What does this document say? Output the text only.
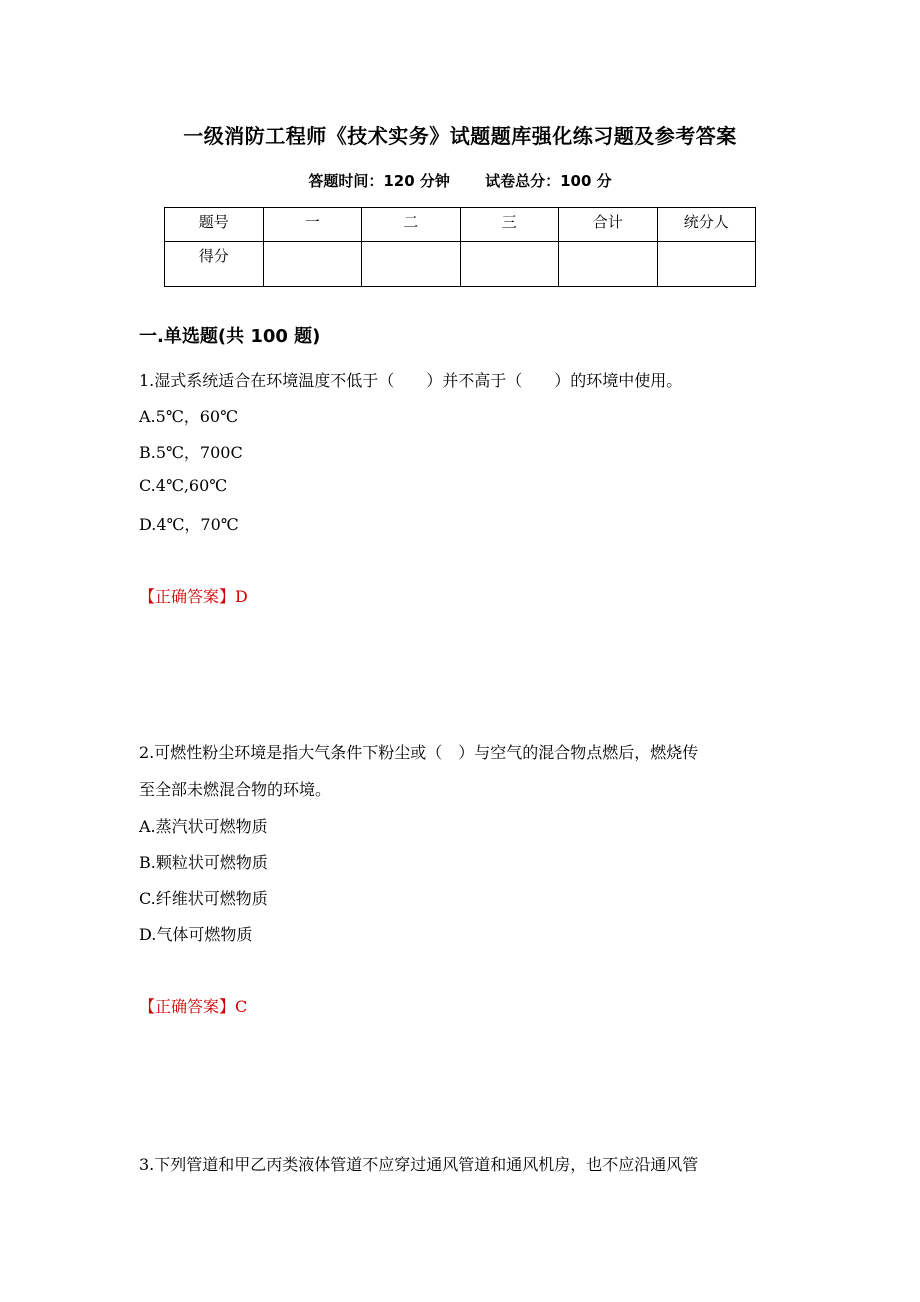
一级消防工程师《技术实务》试题题库强化练习题及参考答案
答题时间：120 分钟 试卷总分：100 分
题号	一	二	三	合计	统分人
得分					
一.单选题(共 100 题)
1.湿式系统适合在环境温度不低于（　　）并不高于（　　）的环境中使用。
A.5℃，60℃
B.5℃，700C
C.4℃,60℃
D.4℃，70℃
【正确答案】D
2.可燃性粉尘环境是指大气条件下粉尘或（　）与空气的混合物点燃后，燃烧传
至全部未燃混合物的环境。
A.蒸汽状可燃物质
B.颗粒状可燃物质
C.纤维状可燃物质
D.气体可燃物质
【正确答案】C
3.下列管道和甲乙丙类液体管道不应穿过通风管道和通风机房，也不应沿通风管
